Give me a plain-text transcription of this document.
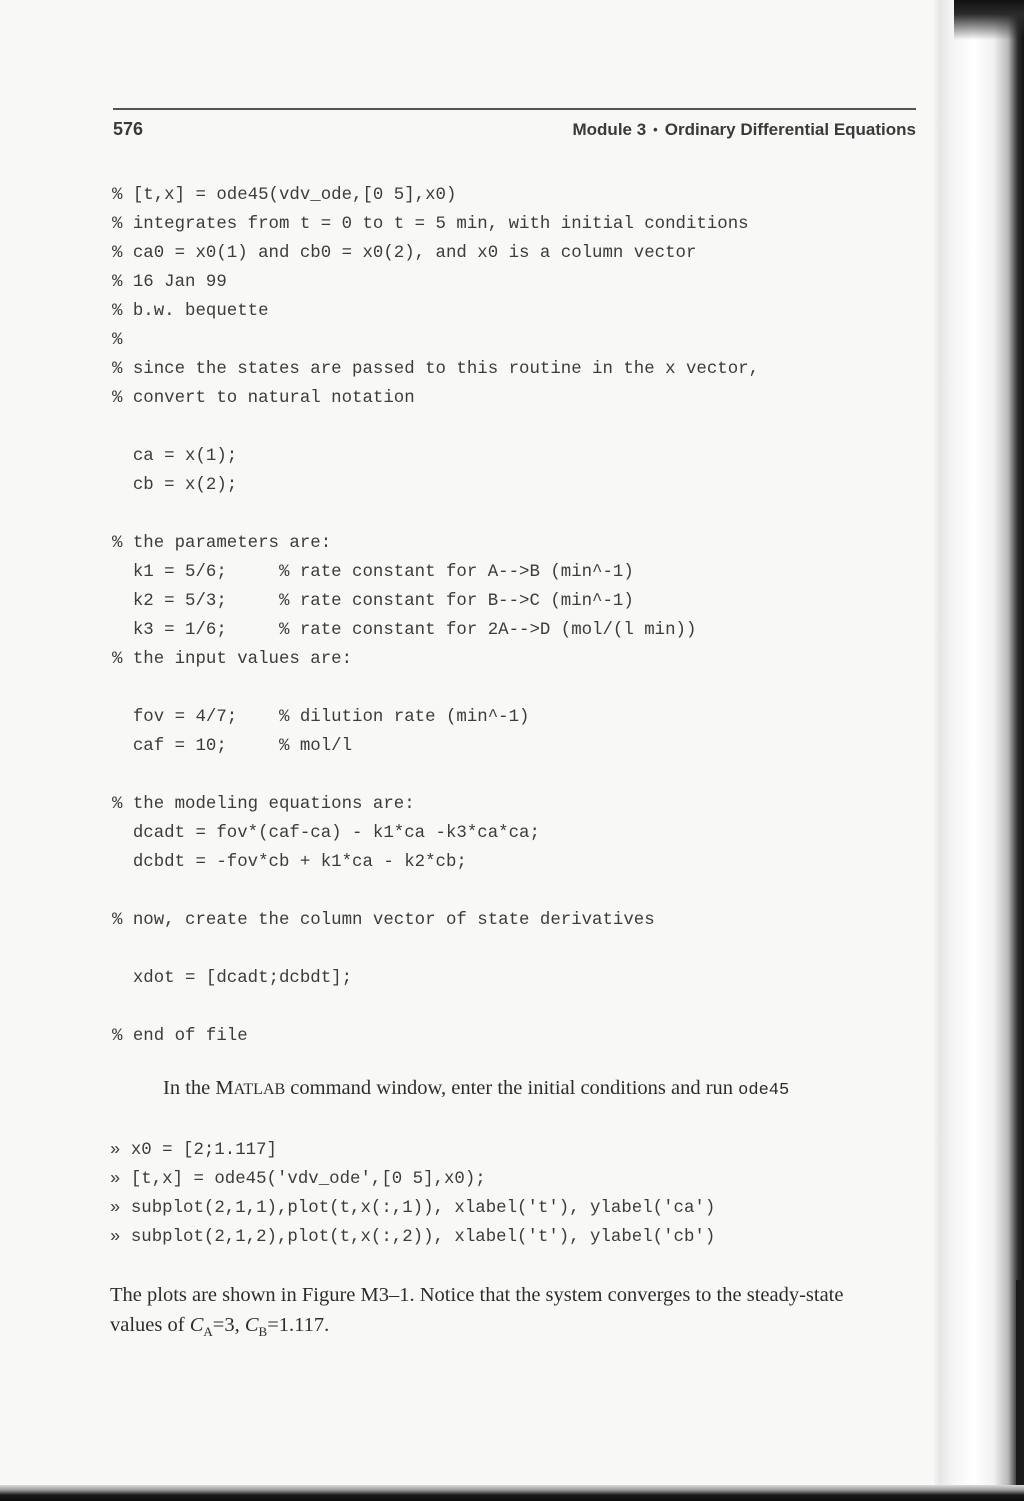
576	Module 3 • Ordinary Differential Equations
% [t,x] = ode45(vdv_ode,[0 5],x0)
% integrates from t = 0 to t = 5 min, with initial conditions
% ca0 = x0(1) and cb0 = x0(2), and x0 is a column vector
% 16 Jan 99
% b.w. bequette
%
% since the states are passed to this routine in the x vector,
% convert to natural notation
ca = x(1);
cb = x(2);
% the parameters are:
k1 = 5/6;     % rate constant for A-->B (min^-1)
k2 = 5/3;     % rate constant for B-->C (min^-1)
k3 = 1/6;     % rate constant for 2A-->D (mol/(l min))
% the input values are:
fov = 4/7;    % dilution rate (min^-1)
caf = 10;     % mol/l
% the modeling equations are:
dcadt = fov*(caf-ca) - k1*ca -k3*ca*ca;
dcbdt = -fov*cb + k1*ca - k2*cb;
% now, create the column vector of state derivatives
xdot = [dcadt;dcbdt];
% end of file
In the MATLAB command window, enter the initial conditions and run ode45
» x0 = [2;1.117]
» [t,x] = ode45('vdv_ode',[0 5],x0);
» subplot(2,1,1),plot(t,x(:,1)), xlabel('t'), ylabel('ca')
» subplot(2,1,2),plot(t,x(:,2)), xlabel('t'), ylabel('cb')

The plots are shown in Figure M3–1. Notice that the system converges to the steady-state
values of $C_A=3$, $C_B=1.117$.
